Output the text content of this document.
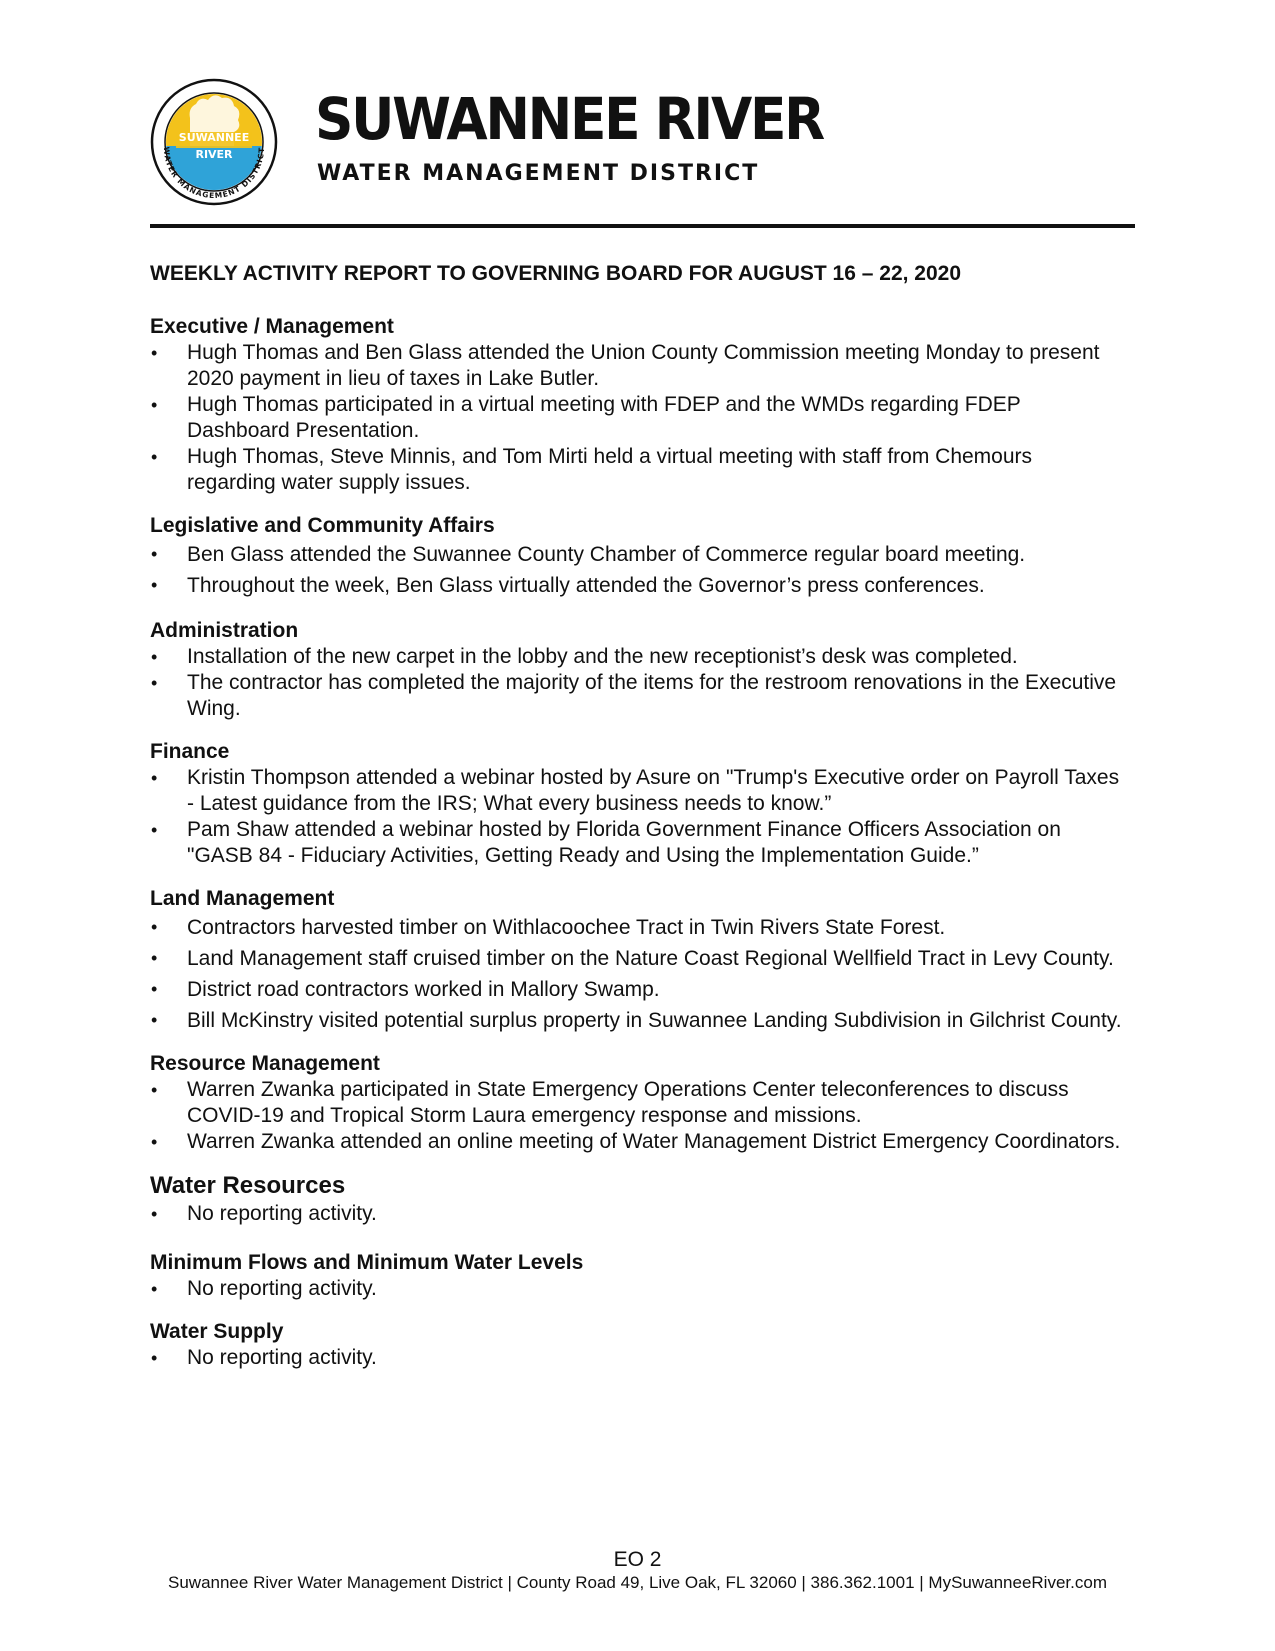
SUWANNEE
RIVER
WATER MANAGEMENT DISTRICT SUWANNEE RIVER
WATER MANAGEMENT DISTRICT
WEEKLY ACTIVITY REPORT TO GOVERNING BOARD FOR AUGUST 16 – 22, 2020
Executive / Management
• Hugh Thomas and Ben Glass attended the Union County Commission meeting Monday to present 2020 payment in lieu of taxes in Lake Butler.
• Hugh Thomas participated in a virtual meeting with FDEP and the WMDs regarding FDEP Dashboard Presentation.
• Hugh Thomas, Steve Minnis, and Tom Mirti held a virtual meeting with staff from Chemours regarding water supply issues.
Legislative and Community Affairs
• Ben Glass attended the Suwannee County Chamber of Commerce regular board meeting.
• Throughout the week, Ben Glass virtually attended the Governor’s press conferences.
Administration
• Installation of the new carpet in the lobby and the new receptionist’s desk was completed.
• The contractor has completed the majority of the items for the restroom renovations in the Executive Wing.
Finance
• Kristin Thompson attended a webinar hosted by Asure on "Trump's Executive order on Payroll Taxes - Latest guidance from the IRS; What every business needs to know.”
• Pam Shaw attended a webinar hosted by Florida Government Finance Officers Association on "GASB 84 - Fiduciary Activities, Getting Ready and Using the Implementation Guide.”
Land Management
• Contractors harvested timber on Withlacoochee Tract in Twin Rivers State Forest.
• Land Management staff cruised timber on the Nature Coast Regional Wellfield Tract in Levy County.
• District road contractors worked in Mallory Swamp.
• Bill McKinstry visited potential surplus property in Suwannee Landing Subdivision in Gilchrist County.
Resource Management
• Warren Zwanka participated in State Emergency Operations Center teleconferences to discuss COVID-19 and Tropical Storm Laura emergency response and missions.
• Warren Zwanka attended an online meeting of Water Management District Emergency Coordinators.
Water Resources
• No reporting activity.
Minimum Flows and Minimum Water Levels
• No reporting activity.
Water Supply
• No reporting activity.
EO 2
Suwannee River Water Management District | County Road 49, Live Oak, FL 32060 | 386.362.1001 | MySuwanneeRiver.com
